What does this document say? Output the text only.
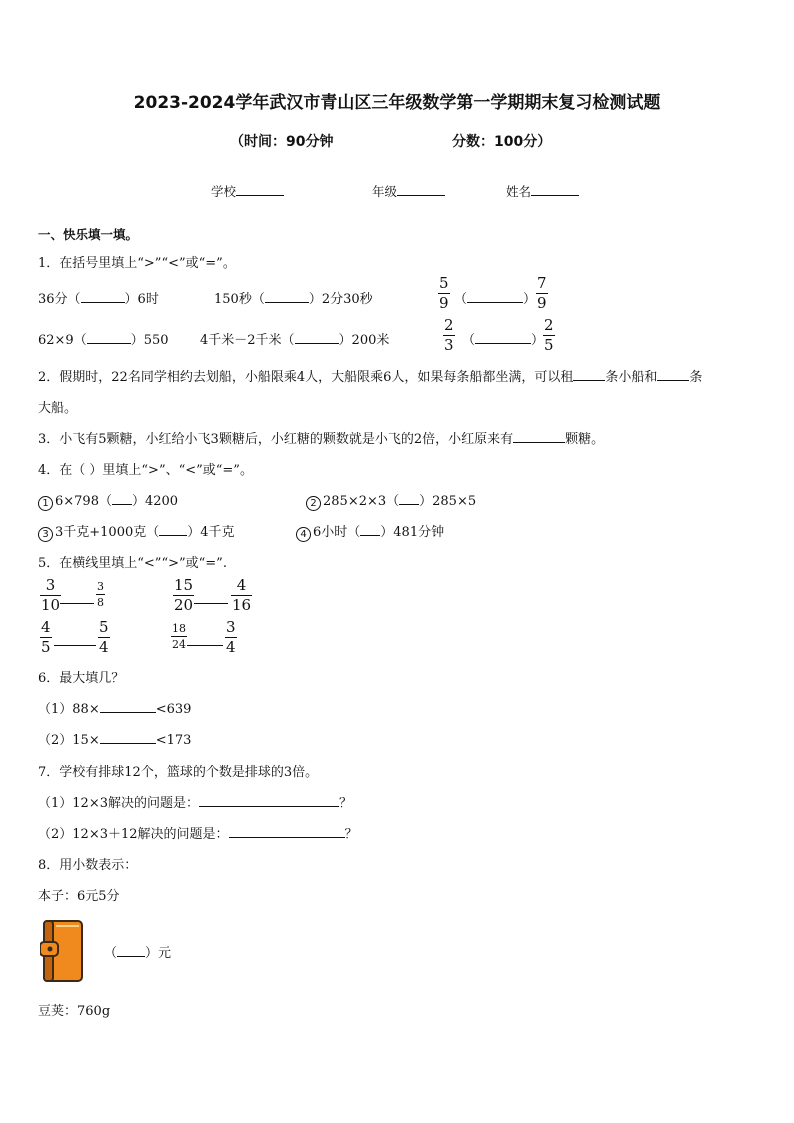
2023-2024学年武汉市青山区三年级数学第一学期期末复习检测试题
（时间：90分钟	分数：100分）
学校	年级	姓名
一、快乐填一填。
1．在括号里填上“>”“<”或“=”。
36分（	）6时	150秒（	）2分30秒
5
9 （	）
7
9
62×9（	）550 4千米－2千米（	）200米
2
3 （	）
2
5
2．假期时，22名同学相约去划船，小船限乘4人，大船限乘6人，如果每条船都坐满，可以租 条小船和 条
大船。
3．小飞有5颗糖，小红给小飞3颗糖后，小红糖的颗数就是小飞的2倍，小红原来有	颗糖。
4．在（ ）里填上“>”、“<”或“=”。
1 6×798（ ）4200	2 285×2×3（ ）285×5
3 3千克+1000克（ ）4千克	4 6小时（ ）481分钟
5．在横线里填上“<”“>”或“=”.
3
10
3
8
15
20
4
16
4
5
5
4
18
24
3
4
6．最大填几？
（1）88×	<639
（2）15×	<173
7．学校有排球12个，篮球的个数是排球的3倍。
（1）12×3解决的问题是：	？
（2）12×3＋12解决的问题是：	？
8．用小数表示：
本子：6元5分
（ ）元
豆荚：760g
